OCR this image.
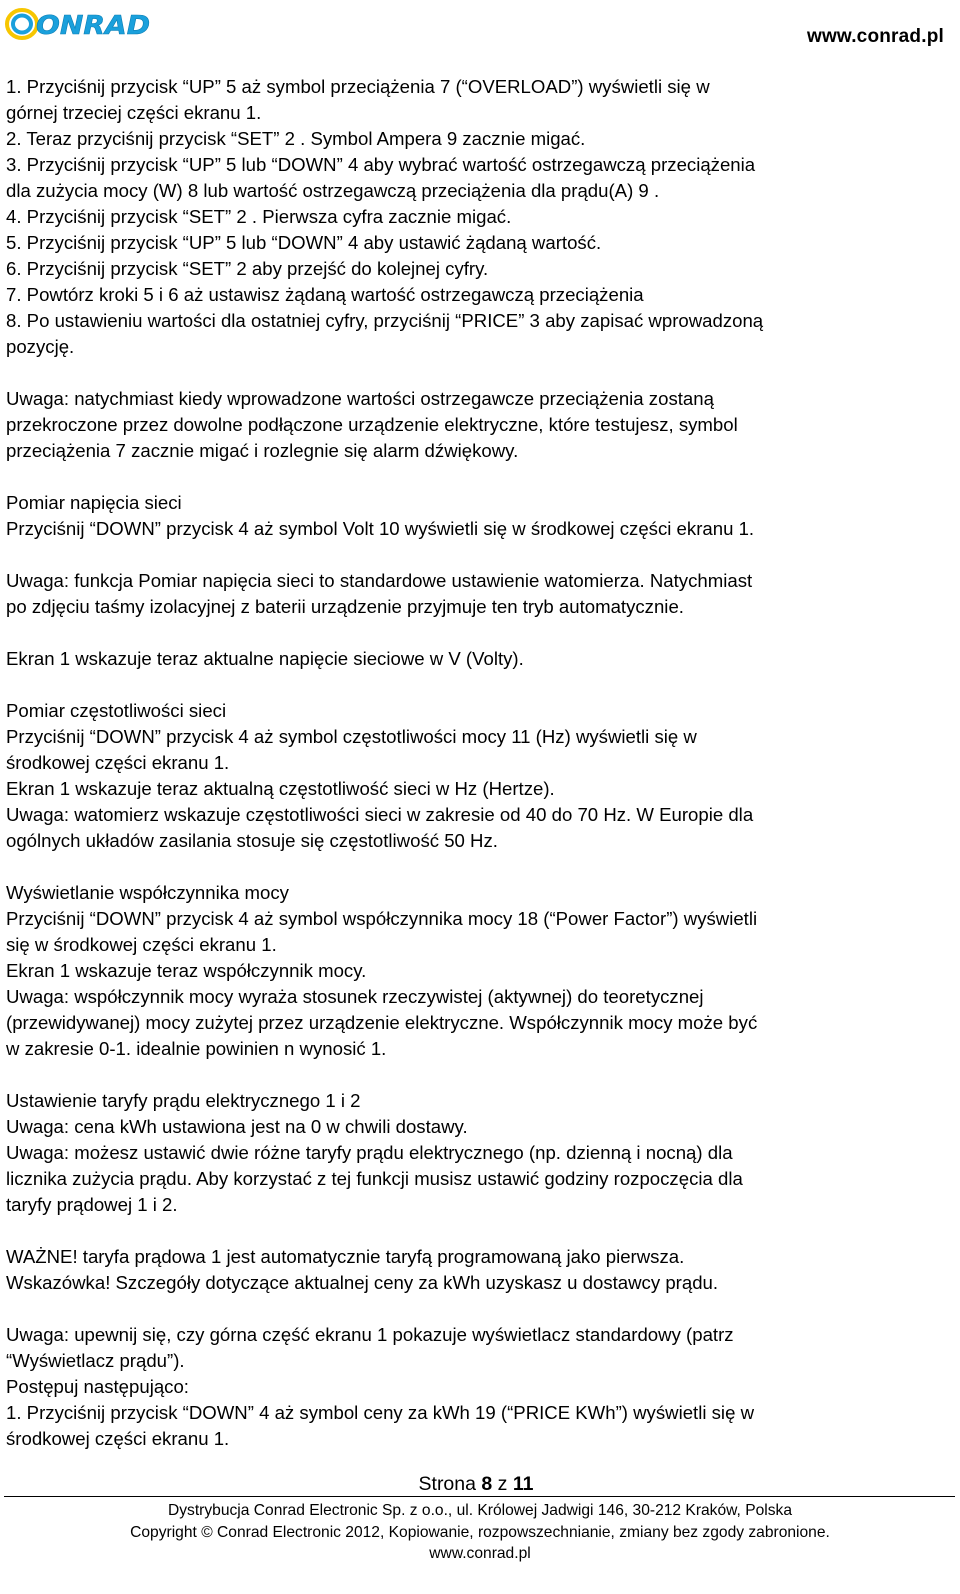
ONRAD	www.conrad.pl

1. Przyciśnij przycisk “UP” 5 aż symbol przeciążenia 7 (“OVERLOAD”) wyświetli się w

górnej trzeciej części ekranu 1.

2. Teraz przyciśnij przycisk “SET” 2 . Symbol Ampera 9 zacznie migać.

3. Przyciśnij przycisk “UP” 5 lub “DOWN” 4 aby wybrać wartość ostrzegawczą przeciążenia

dla zużycia mocy (W) 8 lub wartość ostrzegawczą przeciążenia dla prądu(A) 9 .

4. Przyciśnij przycisk “SET” 2 . Pierwsza cyfra zacznie migać.

5. Przyciśnij przycisk “UP” 5 lub “DOWN” 4 aby ustawić żądaną wartość.

6. Przyciśnij przycisk “SET” 2 aby przejść do kolejnej cyfry.

7. Powtórz kroki 5 i 6 aż ustawisz żądaną wartość ostrzegawczą przeciążenia

8. Po ustawieniu wartości dla ostatniej cyfry, przyciśnij “PRICE” 3 aby zapisać wprowadzoną

pozycję.

Uwaga: natychmiast kiedy wprowadzone wartości ostrzegawcze przeciążenia zostaną

przekroczone przez dowolne podłączone urządzenie elektryczne, które testujesz, symbol

przeciążenia 7 zacznie migać i rozlegnie się alarm dźwiękowy.

Pomiar napięcia sieci

Przyciśnij “DOWN” przycisk 4 aż symbol Volt 10 wyświetli się w środkowej części ekranu 1.

Uwaga: funkcja Pomiar napięcia sieci to standardowe ustawienie watomierza. Natychmiast

po zdjęciu taśmy izolacyjnej z baterii urządzenie przyjmuje ten tryb automatycznie.

Ekran 1 wskazuje teraz aktualne napięcie sieciowe w V (Volty).

Pomiar częstotliwości sieci

Przyciśnij “DOWN” przycisk 4 aż symbol częstotliwości mocy 11 (Hz) wyświetli się w

środkowej części ekranu 1.

Ekran 1 wskazuje teraz aktualną częstotliwość sieci w Hz (Hertze).

Uwaga: watomierz wskazuje częstotliwości sieci w zakresie od 40 do 70 Hz. W Europie dla

ogólnych układów zasilania stosuje się częstotliwość 50 Hz.

Wyświetlanie współczynnika mocy

Przyciśnij “DOWN” przycisk 4 aż symbol współczynnika mocy 18 (“Power Factor”) wyświetli

się w środkowej części ekranu 1.

Ekran 1 wskazuje teraz współczynnik mocy.

Uwaga: współczynnik mocy wyraża stosunek rzeczywistej (aktywnej) do teoretycznej

(przewidywanej) mocy zużytej przez urządzenie elektryczne. Współczynnik mocy może być

w zakresie 0-1. idealnie powinien n wynosić 1.

Ustawienie taryfy prądu elektrycznego 1 i 2

Uwaga: cena kWh ustawiona jest na 0 w chwili dostawy.

Uwaga: możesz ustawić dwie różne taryfy prądu elektrycznego (np. dzienną i nocną) dla

licznika zużycia prądu. Aby korzystać z tej funkcji musisz ustawić godziny rozpoczęcia dla

taryfy prądowej 1 i 2.

WAŻNE! taryfa prądowa 1 jest automatycznie taryfą programowaną jako pierwsza.

Wskazówka! Szczegóły dotyczące aktualnej ceny za kWh uzyskasz u dostawcy prądu.

Uwaga: upewnij się, czy górna część ekranu 1 pokazuje wyświetlacz standardowy (patrz

“Wyświetlacz prądu”).

Postępuj następująco:

1. Przyciśnij przycisk “DOWN” 4 aż symbol ceny za kWh 19 (“PRICE KWh”) wyświetli się w

środkowej części ekranu 1.

Strona 8 z 11
Dystrybucja Conrad Electronic Sp. z o.o., ul. Królowej Jadwigi 146, 30-212 Kraków, Polska
Copyright © Conrad Electronic 2012, Kopiowanie, rozpowszechnianie, zmiany bez zgody zabronione.
www.conrad.pl
